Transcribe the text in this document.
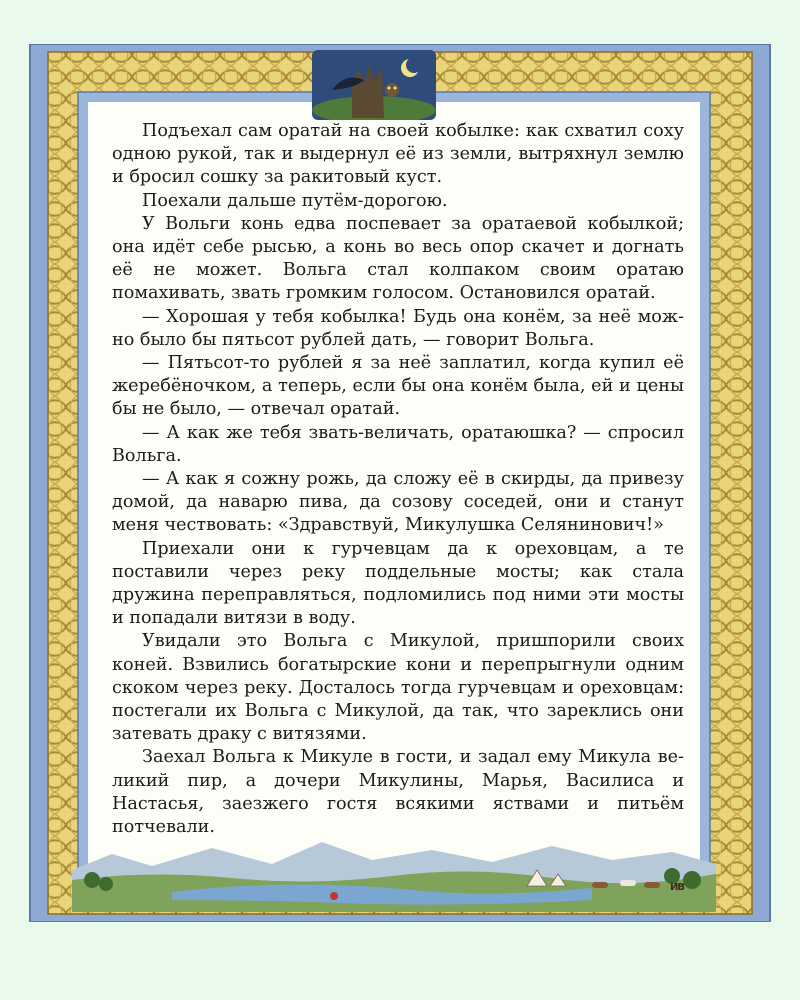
Подъехал сам оратай на своей кобылке: как схватил соху одною рукой, так и выдернул её из земли, вытряхнул землю и бросил сошку за ракитовый куст.

Поехали дальше путём-дорогою.

У Вольги конь едва поспевает за оратаевой кобылкой; она идёт себе рысью, а конь во весь опор скачет и догнать её не может. Вольга стал колпаком своим оратаю помахивать, звать громким голосом. Остановился оратай.

— Хорошая у тебя кобылка! Будь она конём, за неё можно было бы пятьсот рублей дать, — говорит Вольга.

— Пятьсот-то рублей я за неё заплатил, когда купил её жеребёночком, а теперь, если бы она конём была, ей и цены бы не было, — отвечал оратай.

— А как же тебя звать-величать, оратаюшка? — спросил Вольга.

— А как я сожну рожь, да сложу её в скирды, да привезу домой, да наварю пива, да созову соседей, они и станут меня чествовать: «Здравствуй, Микулушка Селянинович!»

Приехали они к гурчевцам да к ореховцам, а те поставили через реку поддельные мосты; как стала дружина переправляться, подломились под ними эти мосты и попадали витязи в воду.

Увидали это Вольга с Микулой, пришпорили своих коней. Взвились богатырские кони и перепрыгнули одним скоком через реку. Досталось тогда гурчевцам и ореховцам: постегали их Вольга с Микулой, да так, что зареклись они затевать драку с витязями.

Заехал Вольга к Микуле в гости, и задал ему Микула великий пир, а дочери Микулины, Марья, Василиса и Настасья, заезжего гостя всякими яствами и питьём потчевали.

ИВ
